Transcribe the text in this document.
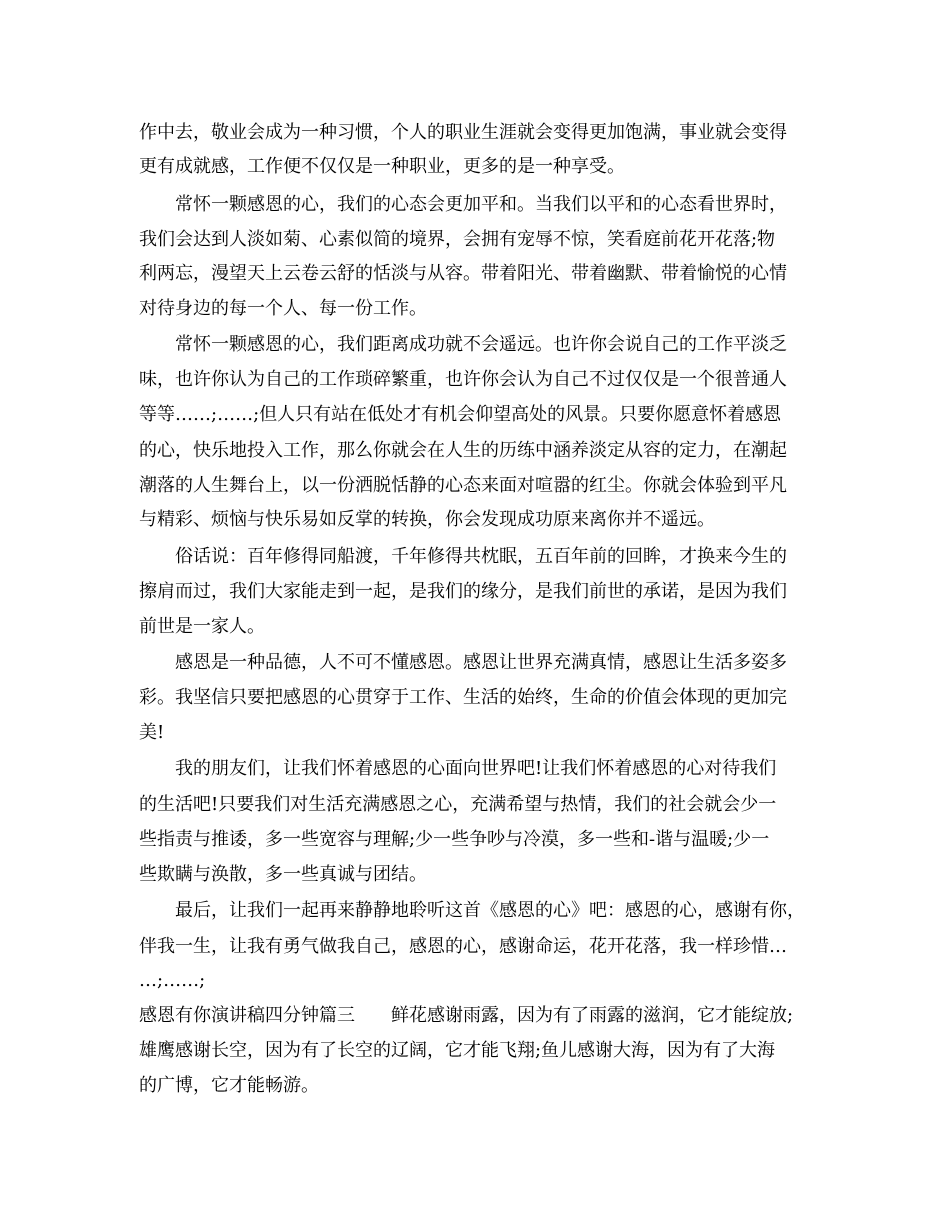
作中去，敬业会成为一种习惯，个人的职业生涯就会变得更加饱满，事业就会变得
更有成就感，工作便不仅仅是一种职业，更多的是一种享受。
常怀一颗感恩的心，我们的心态会更加平和。当我们以平和的心态看世界时，
我们会达到人淡如菊、心素似简的境界，会拥有宠辱不惊，笑看庭前花开花落;物
利两忘，漫望天上云卷云舒的恬淡与从容。带着阳光、带着幽默、带着愉悦的心情
对待身边的每一个人、每一份工作。
常怀一颗感恩的心，我们距离成功就不会遥远。也许你会说自己的工作平淡乏
味，也许你认为自己的工作琐碎繁重，也许你会认为自己不过仅仅是一个很普通人
等等……;……;但人只有站在低处才有机会仰望高处的风景。只要你愿意怀着感恩
的心，快乐地投入工作，那么你就会在人生的历练中涵养淡定从容的定力，在潮起
潮落的人生舞台上，以一份洒脱恬静的心态来面对喧嚣的红尘。你就会体验到平凡
与精彩、烦恼与快乐易如反掌的转换，你会发现成功原来离你并不遥远。
俗话说：百年修得同船渡，千年修得共枕眠，五百年前的回眸，才换来今生的
擦肩而过，我们大家能走到一起，是我们的缘分，是我们前世的承诺，是因为我们
前世是一家人。
感恩是一种品德，人不可不懂感恩。感恩让世界充满真情，感恩让生活多姿多
彩。我坚信只要把感恩的心贯穿于工作、生活的始终，生命的价值会体现的更加完
美!
我的朋友们，让我们怀着感恩的心面向世界吧!让我们怀着感恩的心对待我们
的生活吧!只要我们对生活充满感恩之心，充满希望与热情，我们的社会就会少一
些指责与推诿，多一些宽容与理解;少一些争吵与冷漠，多一些和-谐与温暖;少一
些欺瞒与涣散，多一些真诚与团结。
最后，让我们一起再来静静地聆听这首《感恩的心》吧：感恩的心，感谢有你，
伴我一生，让我有勇气做我自己，感恩的心，感谢命运，花开花落，我一样珍惜…
…;……;
感恩有你演讲稿四分钟篇三　　鲜花感谢雨露，因为有了雨露的滋润，它才能绽放;
雄鹰感谢长空，因为有了长空的辽阔，它才能飞翔;鱼儿感谢大海，因为有了大海
的广博，它才能畅游。
